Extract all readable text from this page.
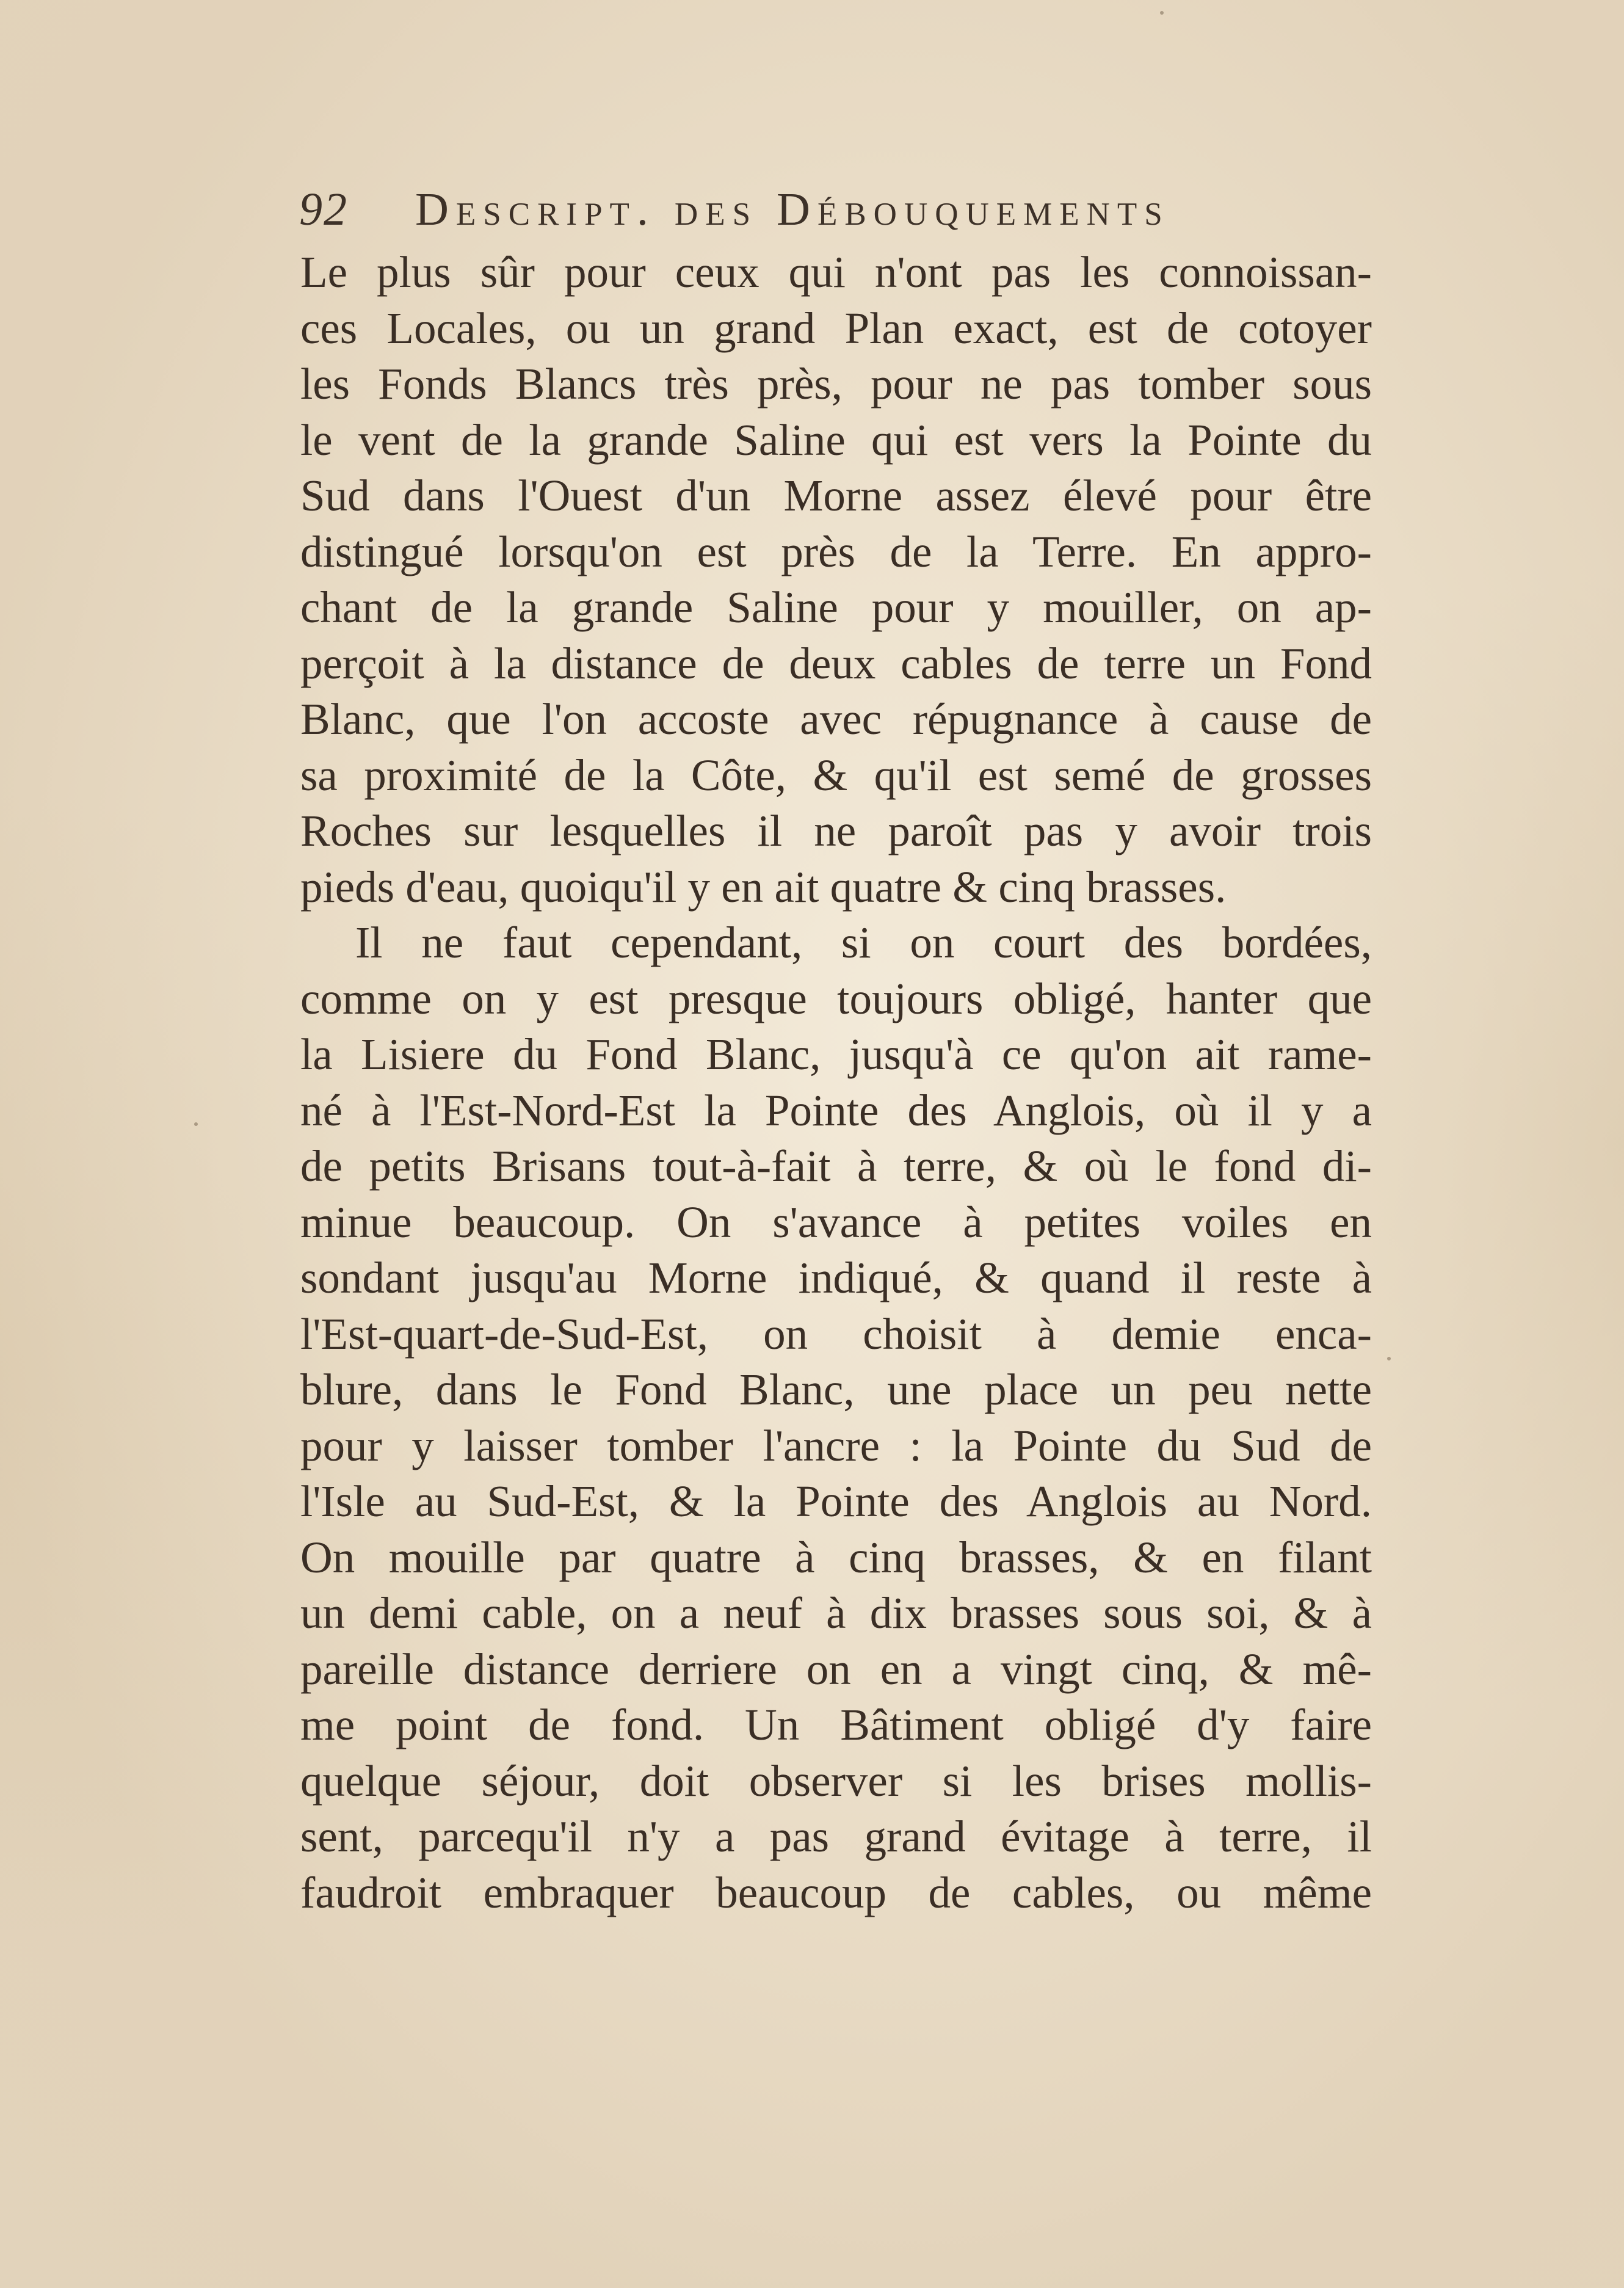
92 Descript. des Débouquements
Le plus sûr pour ceux qui n'ont pas les connoissan-
ces Locales, ou un grand Plan exact, est de cotoyer
les Fonds Blancs très près, pour ne pas tomber sous
le vent de la grande Saline qui est vers la Pointe du
Sud dans l'Ouest d'un Morne assez élevé pour être
distingué lorsqu'on est près de la Terre. En appro-
chant de la grande Saline pour y mouiller, on ap-
perçoit à la distance de deux cables de terre un Fond
Blanc, que l'on accoste avec répugnance à cause de
sa proximité de la Côte, & qu'il est semé de grosses
Roches sur lesquelles il ne paroît pas y avoir trois
pieds d'eau, quoiqu'il y en ait quatre & cinq brasses.
Il ne faut cependant, si on court des bordées,
comme on y est presque toujours obligé, hanter que
la Lisiere du Fond Blanc, jusqu'à ce qu'on ait rame-
né à l'Est-Nord-Est la Pointe des Anglois, où il y a
de petits Brisans tout-à-fait à terre, & où le fond di-
minue beaucoup. On s'avance à petites voiles en
sondant jusqu'au Morne indiqué, & quand il reste à
l'Est-quart-de-Sud-Est, on choisit à demie enca-
blure, dans le Fond Blanc, une place un peu nette
pour y laisser tomber l'ancre : la Pointe du Sud de
l'Isle au Sud-Est, & la Pointe des Anglois au Nord.
On mouille par quatre à cinq brasses, & en filant
un demi cable, on a neuf à dix brasses sous soi, & à
pareille distance derriere on en a vingt cinq, & mê-
me point de fond. Un Bâtiment obligé d'y faire
quelque séjour, doit observer si les brises mollis-
sent, parcequ'il n'y a pas grand évitage à terre, il
faudroit embraquer beaucoup de cables, ou même
